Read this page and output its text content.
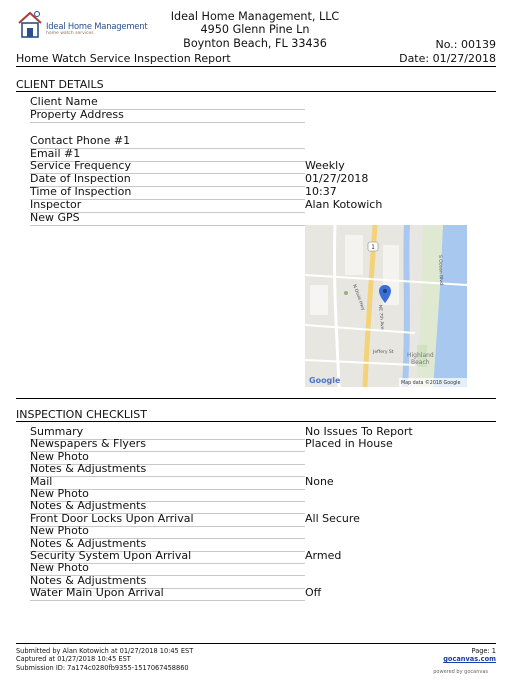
Ideal Home Management
home watch services
Ideal Home Management, LLC
4950 Glenn Pine Ln
Boynton Beach, FL 33436	No.: 00139
Home Watch Service Inspection Report	Date: 01/27/2018
CLIENT DETAILS
Client Name
Property Address
Contact Phone #1
Email #1
Service Frequency	Weekly
Date of Inspection	01/27/2018
Time of Inspection	10:37
Inspector	Alan Kotowich
New GPS
1
N Dixie Hwy
NE 7th Ave
S Ocean Blvd
Jeffery St Highland
Beach
Google	Map data ©2018 Google
INSPECTION CHECKLIST
Summary	No Issues To Report
Newspapers & Flyers	Placed in House
New Photo
Notes & Adjustments
Mail	None
New Photo
Notes & Adjustments
Front Door Locks Upon Arrival	All Secure
New Photo
Notes & Adjustments
Security System Upon Arrival	Armed
New Photo
Notes & Adjustments
Water Main Upon Arrival	Off
Submitted by Alan Kotowich at 01/27/2018 10:45 EST
Captured at 01/27/2018 10:45 EST
Submission ID: 7a174c0280fb9355-1517067458860
Page: 1
gocanvas.com
powered by gocanvas
